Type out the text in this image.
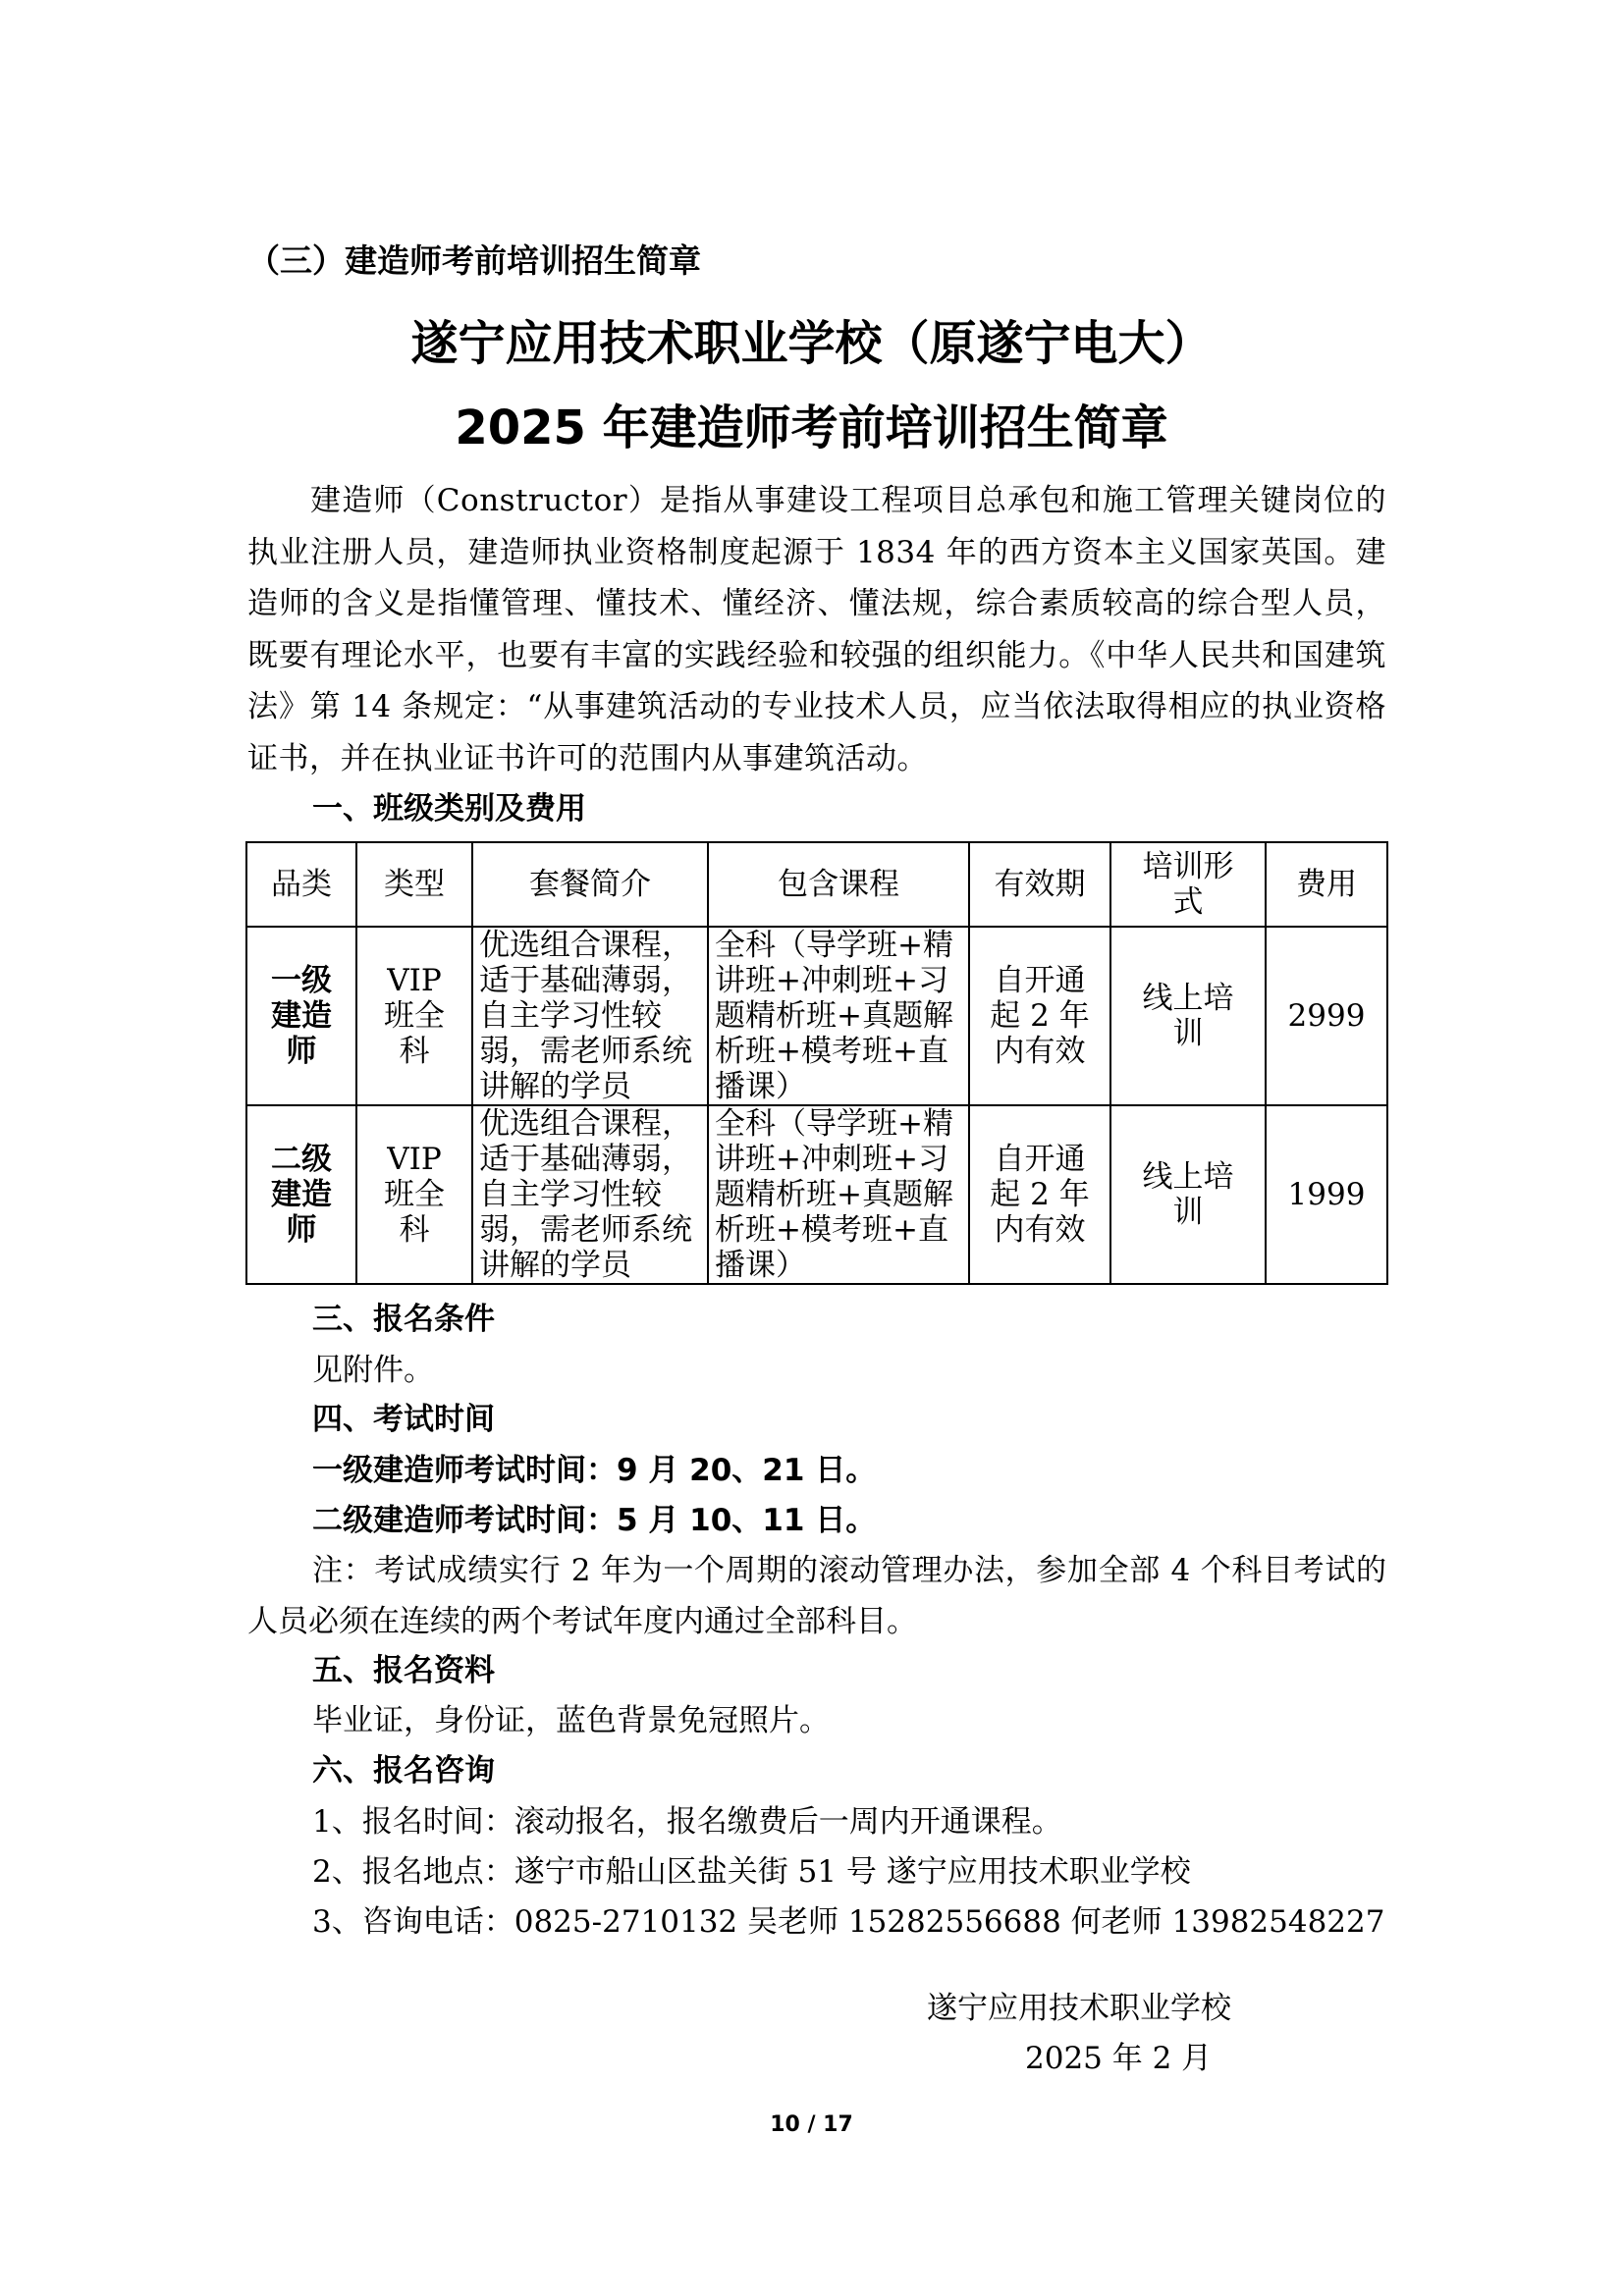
（三）建造师考前培训招生简章
遂宁应用技术职业学校（原遂宁电大）
2025 年建造师考前培训招生简章
建造师（Constructor）是指从事建设工程项目总承包和施工管理关键岗位的执业注册人员，建造师执业资格制度起源于 1834 年的西方资本主义国家英国。建造师的含义是指懂管理、懂技术、懂经济、懂法规，综合素质较高的综合型人员，既要有理论水平，也要有丰富的实践经验和较强的组织能力。《中华人民共和国建筑法》第 14 条规定：“从事建筑活动的专业技术人员，应当依法取得相应的执业资格证书，并在执业证书许可的范围内从事建筑活动。
一、班级类别及费用
品类	类型	套餐简介	包含课程	有效期	培训形式	费用
一级建造师	VIP 班全科	优选组合课程，适于基础薄弱，自主学习性较弱，需老师系统讲解的学员	全科（导学班+精讲班+冲刺班+习题精析班+真题解析班+模考班+直播课）	自开通起 2 年内有效	线上培训	2999
二级建造师	VIP 班全科	优选组合课程，适于基础薄弱，自主学习性较弱，需老师系统讲解的学员	全科（导学班+精讲班+冲刺班+习题精析班+真题解析班+模考班+直播课）	自开通起 2 年内有效	线上培训	1999
三、报名条件
见附件。
四、考试时间
一级建造师考试时间：9 月 20、21 日。
二级建造师考试时间：5 月 10、11 日。
注：考试成绩实行 2 年为一个周期的滚动管理办法，参加全部 4 个科目考试的人员必须在连续的两个考试年度内通过全部科目。
五、报名资料
毕业证，身份证，蓝色背景免冠照片。
六、报名咨询
1、报名时间：滚动报名，报名缴费后一周内开通课程。
2、报名地点：遂宁市船山区盐关街 51 号 遂宁应用技术职业学校
3、咨询电话：0825-2710132 吴老师 15282556688 何老师 13982548227
遂宁应用技术职业学校
2025 年 2 月
10 / 17
